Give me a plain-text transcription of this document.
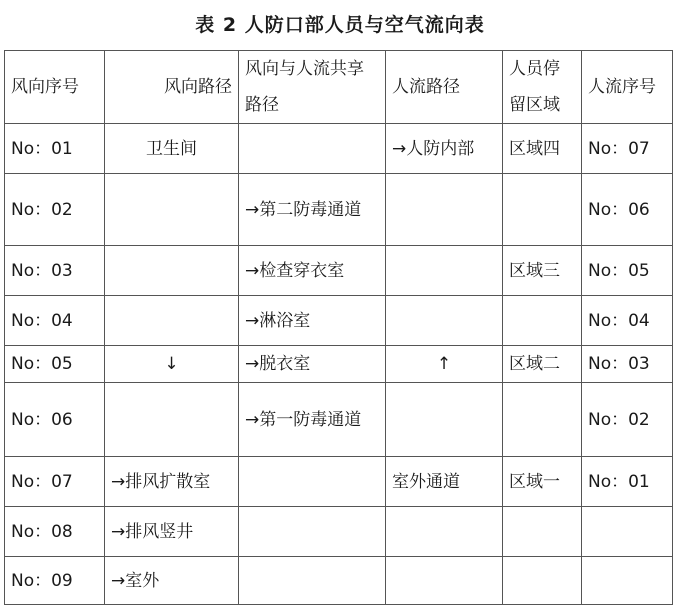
表 2 人防口部人员与空气流向表
风向序号	风向路径	风向与人流共享路径	人流路径	人员停留区域	人流序号
No：01	卫生间		→人防内部	区域四	No：07
No：02		→第二防毒通道			No：06
No：03		→检查穿衣室		区域三	No：05
No：04		→淋浴室			No：04
No：05	↓	→脱衣室	↑	区域二	No：03
No：06		→第一防毒通道			No：02
No：07	→排风扩散室		室外通道	区域一	No：01
No：08	→排风竖井				
No：09	→室外				
